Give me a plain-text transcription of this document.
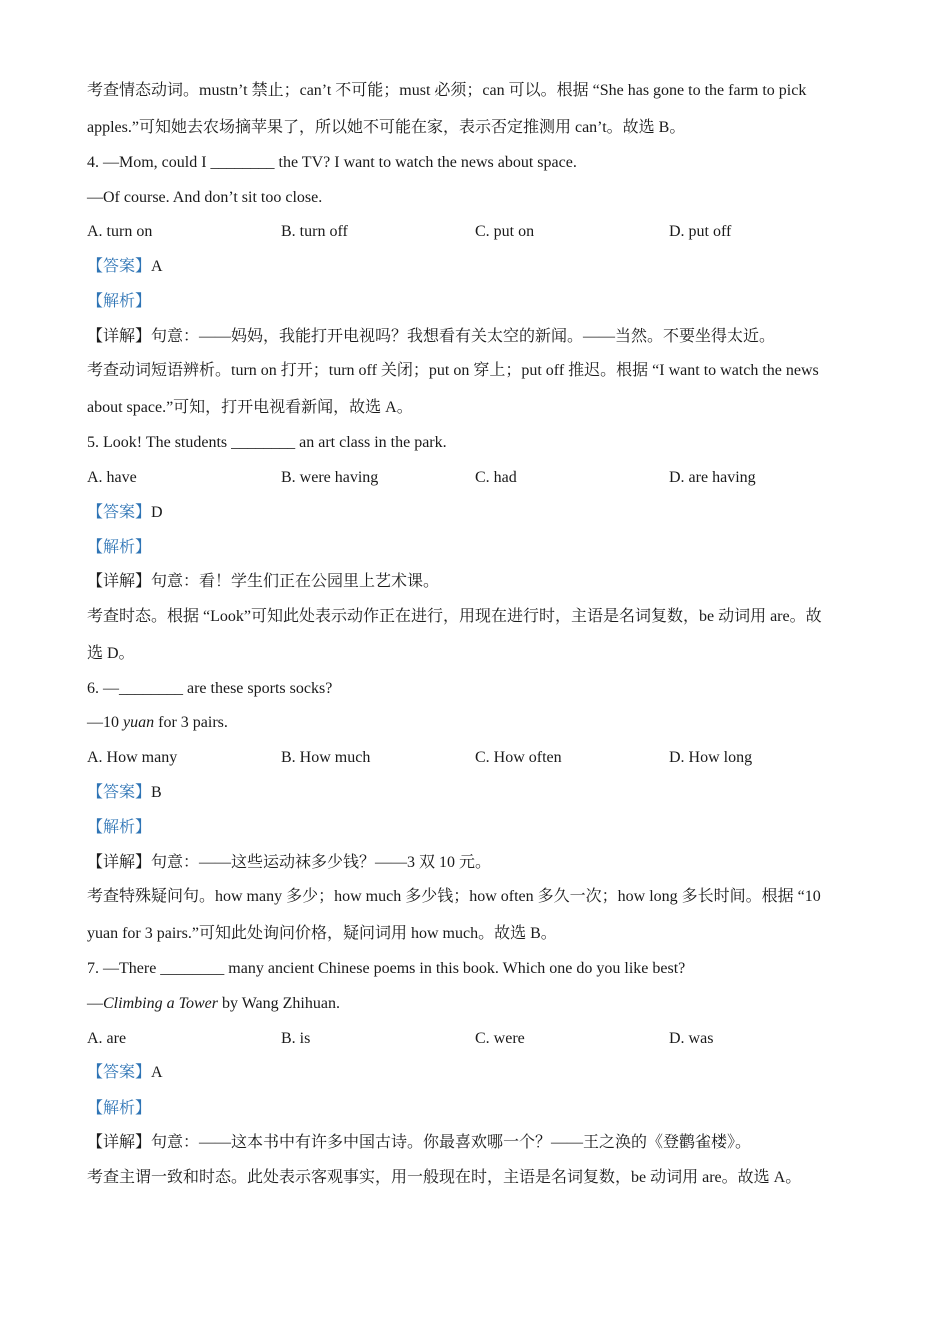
考查情态动词。mustn’t 禁止；can’t 不可能；must 必须；can 可以。根据 “She has gone to the farm to pick
apples.”可知她去农场摘苹果了，所以她不可能在家，表示否定推测用 can’t。故选 B。
4. —Mom, could I ________ the TV? I want to watch the news about space.
—Of course. And don’t sit too close.
A. turn on	B. turn off	C. put on	D. put off
【答案】A
【解析】
【详解】句意：——妈妈，我能打开电视吗？我想看有关太空的新闻。——当然。不要坐得太近。
考查动词短语辨析。turn on 打开；turn off 关闭；put on 穿上；put off 推迟。根据 “I want to watch the news
about space.”可知，打开电视看新闻，故选 A。
5. Look! The students ________ an art class in the park.
A. have	B. were having	C. had	D. are having
【答案】D
【解析】
【详解】句意：看！学生们正在公园里上艺术课。
考查时态。根据 “Look”可知此处表示动作正在进行，用现在进行时，主语是名词复数，be 动词用 are。故
选 D。
6. —________ are these sports socks?
—10 yuan for 3 pairs.
A. How many	B. How much	C. How often	D. How long
【答案】B
【解析】
【详解】句意：——这些运动袜多少钱？——3 双 10 元。
考查特殊疑问句。how many 多少；how much 多少钱；how often 多久一次；how long 多长时间。根据 “10
yuan for 3 pairs.”可知此处询问价格，疑问词用 how much。故选 B。
7. —There ________ many ancient Chinese poems in this book. Which one do you like best?
—Climbing a Tower by Wang Zhihuan.
A. are	B. is	C. were	D. was
【答案】A
【解析】
【详解】句意：——这本书中有许多中国古诗。你最喜欢哪一个？——王之涣的《登鹳雀楼》。
考查主谓一致和时态。此处表示客观事实，用一般现在时，主语是名词复数，be 动词用 are。故选 A。
